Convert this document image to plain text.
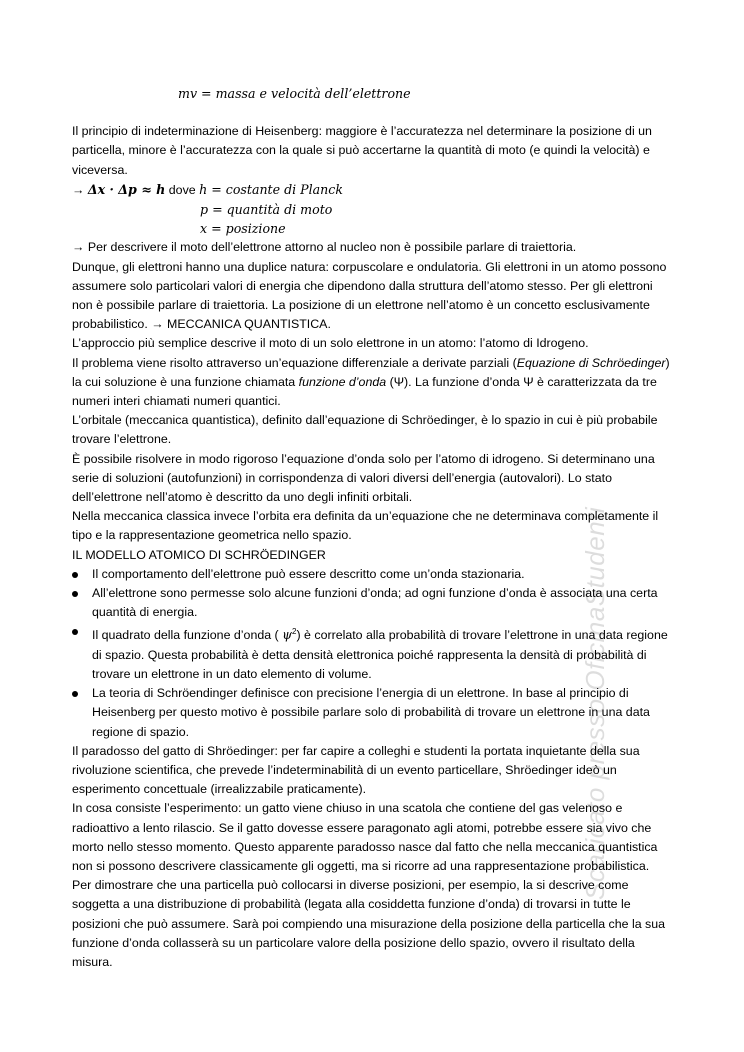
mv = massa e velocità dell’elettrone

Il principio di indeterminazione di Heisenberg: maggiore è l’accuratezza nel determinare la posizione di un particella, minore è l’accuratezza con la quale si può accertarne la quantità di moto (e quindi la velocità) e viceversa.

→ Δx · Δp ≈ h dove h = costante di Planck
p = quantità di moto
x = posizione

→ Per descrivere il moto dell’elettrone attorno al nucleo non è possibile parlare di traiettoria.

Dunque, gli elettroni hanno una duplice natura: corpuscolare e ondulatoria. Gli elettroni in un atomo possono assumere solo particolari valori di energia che dipendono dalla struttura dell’atomo stesso. Per gli elettroni non è possibile parlare di traiettoria. La posizione di un elettrone nell’atomo è un concetto esclusivamente probabilistico. → MECCANICA QUANTISTICA.

L’approccio più semplice descrive il moto di un solo elettrone in un atomo: l’atomo di Idrogeno.

Il problema viene risolto attraverso un’equazione differenziale a derivate parziali (Equazione di Schröedinger) la cui soluzione è una funzione chiamata funzione d’onda (Ψ). La funzione d’onda Ψ è caratterizzata da tre numeri interi chiamati numeri quantici.

L’orbitale (meccanica quantistica), definito dall’equazione di Schröedinger, è lo spazio in cui è più probabile trovare l’elettrone.

È possibile risolvere in modo rigoroso l’equazione d’onda solo per l’atomo di idrogeno. Si determinano una serie di soluzioni (autofunzioni) in corrispondenza di valori diversi dell’energia (autovalori). Lo stato dell’elettrone nell’atomo è descritto da uno degli infiniti orbitali.

Nella meccanica classica invece l’orbita era definita da un’equazione che ne determinava completamente il tipo e la rappresentazione geometrica nello spazio.

IL MODELLO ATOMICO DI SCHRÖEDINGER

Il comportamento dell’elettrone può essere descritto come un’onda stazionaria.
All’elettrone sono permesse solo alcune funzioni d’onda; ad ogni funzione d’onda è associata una certa quantità di energia.
Il quadrato della funzione d’onda ( $\psi^2$) è correlato alla probabilità di trovare l’elettrone in una data regione di spazio. Questa probabilità è detta densità elettronica poiché rappresenta la densità di probabilità di trovare un elettrone in un dato elemento di volume.
La teoria di Schröendinger definisce con precisione l’energia di un elettrone. In base al principio di Heisenberg per questo motivo è possibile parlare solo di probabilità di trovare un elettrone in una data regione di spazio.

Il paradosso del gatto di Shröedinger: per far capire a colleghi e studenti la portata inquietante della sua rivoluzione scientifica, che prevede l’indeterminabilità di un evento particellare, Shröedinger ideò un esperimento concettuale (irrealizzabile praticamente).

In cosa consiste l’esperimento: un gatto viene chiuso in una scatola che contiene del gas velenoso e radioattivo a lento rilascio. Se il gatto dovesse essere paragonato agli atomi, potrebbe essere sia vivo che morto nello stesso momento. Questo apparente paradosso nasce dal fatto che nella meccanica quantistica non si possono descrivere classicamente gli oggetti, ma si ricorre ad una rappresentazione probabilistica.

Per dimostrare che una particella può collocarsi in diverse posizioni, per esempio, la si descrive come soggetta a una distribuzione di probabilità (legata alla cosiddetta funzione d’onda) di trovarsi in tutte le posizioni che può assumere. Sarà poi compiendo una misurazione della posizione della particella che la sua funzione d’onda collasserà su un particolare valore della posizione dello spazio, ovvero il risultato della misura.

Scaricato presso OficinaStudenti
